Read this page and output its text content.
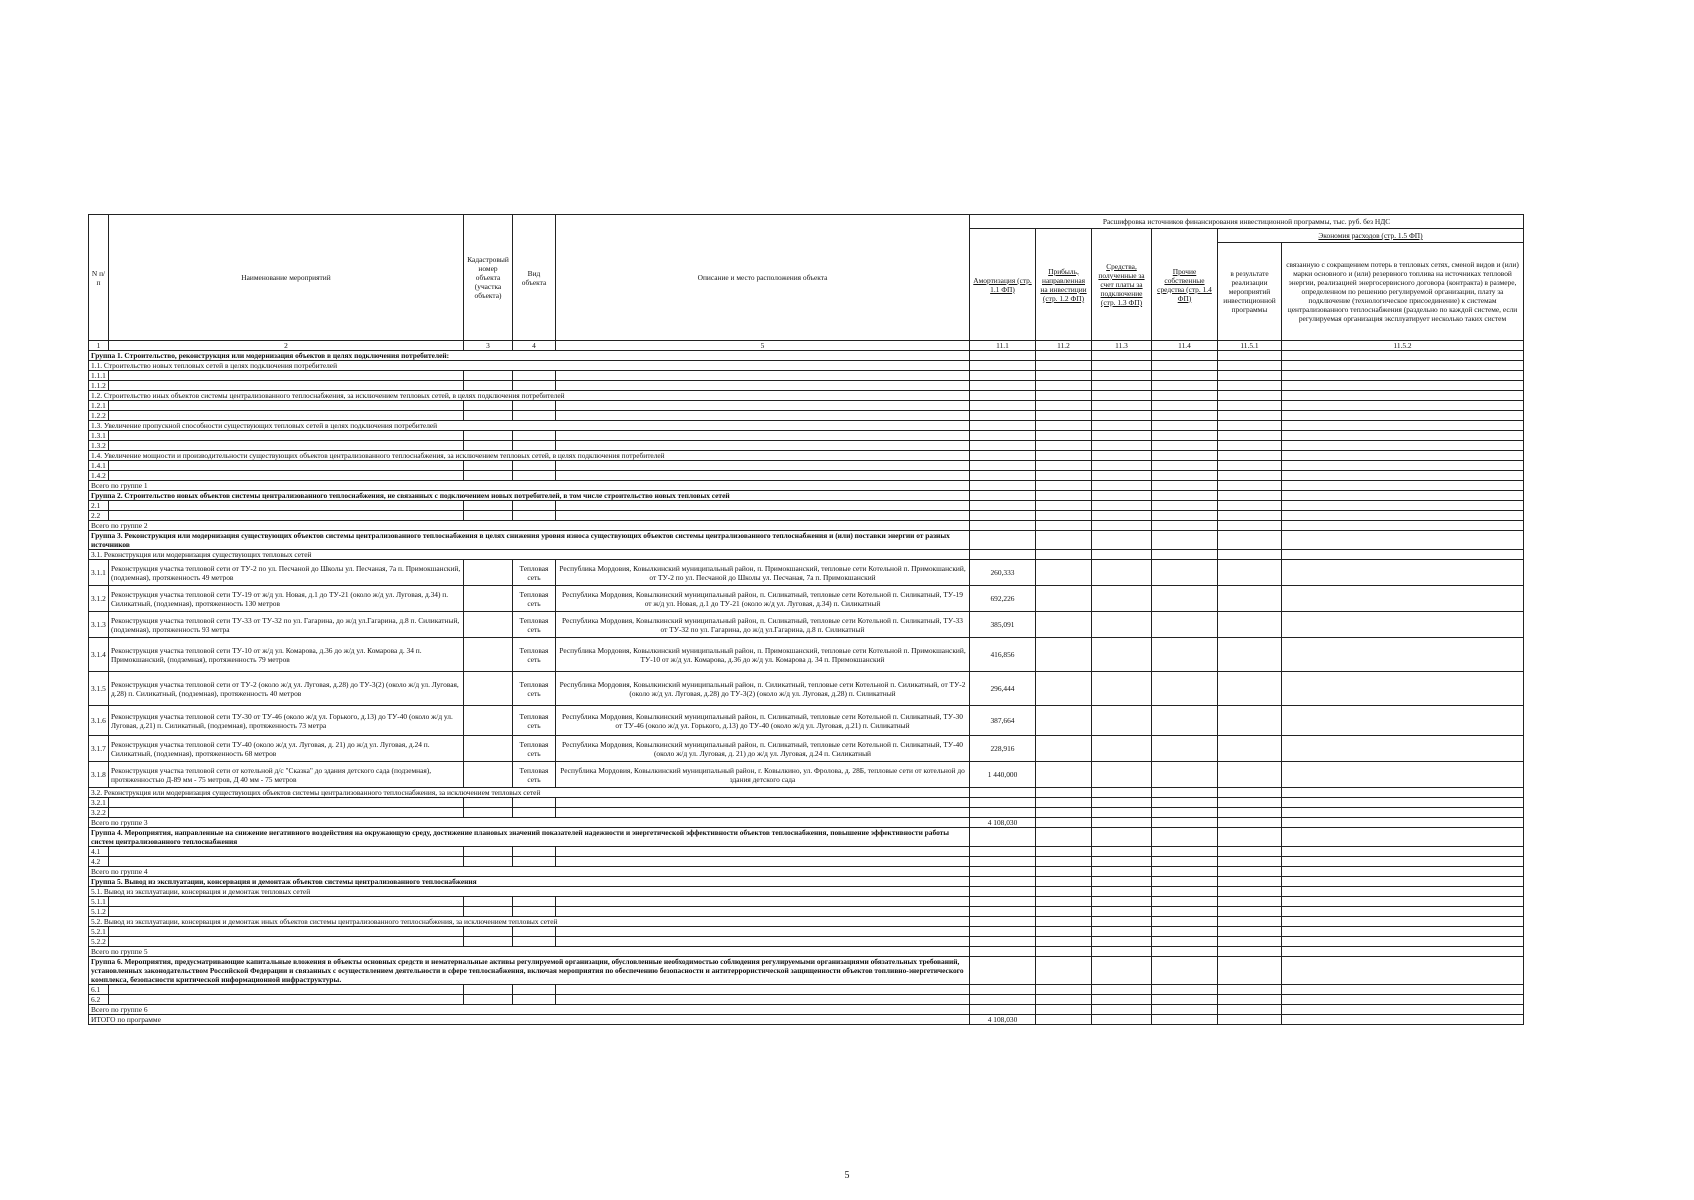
N п/п	Наименование мероприятий	Кадастровый номер объекта (участка объекта)	Вид объекта	Описание и место расположения объекта	Расшифровка источников финансирования инвестиционной программы, тыс. руб. без НДС					
					Амортизация (стр. 1.1 ФП)	Прибыль, направленная на инвестиции (стр. 1.2 ФП)	Средства, полученные за счет платы за подключение (стр. 1.3 ФП)	Прочие собственные средства (стр. 1.4 ФП)	Экономия расходов (стр. 1.5 ФП)	
									в результате реализации мероприятий инвестиционной программы	связанную с сокращением потерь в тепловых сетях, сменой видов и (или) марки основного и (или) резервного топлива на источниках тепловой энергии, реализацией энергосервисного договора (контракта) в размере, определенном по решению регулируемой организации, плату за подключение (технологическое присоединение) к системам централизованного теплоснабжения (раздельно по каждой системе, если регулируемая организация эксплуатирует несколько таких систем
1	2	3	4	5	11.1	11.2	11.3	11.4	11.5.1	11.5.2
Группа 1. Строительство, реконструкция или модернизация объектов в целях подключения потребителей:										
1.1. Строительство новых тепловых сетей в целях подключения потребителей										
1.1.1										
1.1.2										
1.2. Строительство иных объектов системы централизованного теплоснабжения, за исключением тепловых сетей, в целях подключения потребителей										
1.2.1										
1.2.2										
1.3. Увеличение пропускной способности существующих тепловых сетей в целях подключения потребителей										
1.3.1										
1.3.2										
1.4. Увеличение мощности и производительности существующих объектов централизованного теплоснабжения, за исключением тепловых сетей, в целях подключения потребителей										
1.4.1										
1.4.2										
Всего по группе 1										
Группа 2. Строительство новых объектов системы централизованного теплоснабжения, не связанных с подключением новых потребителей, в том числе строительство новых тепловых сетей										
2.1										
2.2										
Всего по группе 2										
Группа 3. Реконструкция или модернизация существующих объектов системы централизованного теплоснабжения в целях снижения уровня износа существующих объектов системы централизованного теплоснабжения и (или) поставки энергии от разных источников										
3.1. Реконструкция или модернизация существующих тепловых сетей										
3.1.1	Реконструкция участка тепловой сети от ТУ-2 по ул. Песчаной до Школы ул. Песчаная, 7а п. Примокшанский, (подземная), протяженность 49 метров		Тепловая сеть	Республика Мордовия, Ковылкинский муниципальный район, п. Примокшанский, тепловые сети Котельной п. Примокшанский, от ТУ-2 по ул. Песчаной до Школы ул. Песчаная, 7а п. Примокшанский	260,333					
3.1.2	Реконструкция участка тепловой сети ТУ-19 от ж/д ул. Новая, д.1 до ТУ-21 (около ж/д ул. Луговая, д.34) п. Силикатный, (подземная), протяженность 130 метров		Тепловая сеть	Республика Мордовия, Ковылкинский муниципальный район, п. Силикатный, тепловые сети Котельной п. Силикатный, ТУ-19 от ж/д ул. Новая, д.1 до ТУ-21 (около ж/д ул. Луговая, д.34) п. Силикатный	692,226					
3.1.3	Реконструкция участка тепловой сети ТУ-33 от ТУ-32 по ул. Гагарина, до ж/д ул.Гагарина, д.8 п. Силикатный, (подземная), протяженность 93 метра		Тепловая сеть	Республика Мордовия, Ковылкинский муниципальный район, п. Силикатный, тепловые сети Котельной п. Силикатный, ТУ-33 от ТУ-32 по ул. Гагарина, до ж/д ул.Гагарина, д.8 п. Силикатный	385,091					
3.1.4	Реконструкция участка тепловой сети ТУ-10 от ж/д ул. Комарова, д.36 до ж/д ул. Комарова д. 34 п. Примокшанский, (подземная), протяженность 79 метров		Тепловая сеть	Республика Мордовия, Ковылкинский муниципальный район, п. Примокшанский, тепловые сети Котельной п. Примокшанский, ТУ-10 от ж/д ул. Комарова, д.36 до ж/д ул. Комарова д. 34 п. Примокшанский	416,856					
3.1.5	Реконструкция участка тепловой сети от ТУ-2 (около ж/д ул. Луговая, д.28) до ТУ-3(2) (около ж/д ул. Луговая, д.28) п. Силикатный, (подземная), протяженность 40 метров		Тепловая сеть	Республика Мордовия, Ковылкинский муниципальный район, п. Силикатный, тепловые сети Котельной п. Силикатный, от ТУ-2 (около ж/д ул. Луговая, д.28) до ТУ-3(2) (около ж/д ул. Луговая, д.28) п. Силикатный	296,444					
3.1.6	Реконструкция участка тепловой сети ТУ-30 от ТУ-46 (около ж/д ул. Горького, д.13) до ТУ-40 (около ж/д ул. Луговая, д.21) п. Силикатный, (подземная), протяженность 73 метра		Тепловая сеть	Республика Мордовия, Ковылкинский муниципальный район, п. Силикатный, тепловые сети Котельной п. Силикатный, ТУ-30 от ТУ-46 (около ж/д ул. Горького, д.13) до ТУ-40 (около ж/д ул. Луговая, д.21) п. Силикатный	387,664					
3.1.7	Реконструкция участка тепловой сети ТУ-40 (около ж/д ул. Луговая, д. 21) до ж/д ул. Луговая, д.24 п. Силикатный, (подземная), протяженность 68 метров		Тепловая сеть	Республика Мордовия, Ковылкинский муниципальный район, п. Силикатный, тепловые сети Котельной п. Силикатный, ТУ-40 (около ж/д ул. Луговая, д. 21) до ж/д ул. Луговая, д.24 п. Силикатный	228,916					
3.1.8	Реконструкция участка тепловой сети от котельной д/с "Сказка" до здания детского сада (подземная), протяженностью Д-89 мм - 75 метров, Д 40 мм - 75 метров		Тепловая сеть	Республика Мордовия, Ковылкинский муниципальный район, г. Ковылкино, ул. Фролова, д. 28Б, тепловые сети от котельной до здания детского сада	1 440,000					
3.2. Реконструкция или модернизация существующих объектов системы централизованного теплоснабжения, за исключением тепловых сетей										
3.2.1										
3.2.2										
Всего по группе 3					4 108,030					
Группа 4. Мероприятия, направленные на снижение негативного воздействия на окружающую среду, достижение плановых значений показателей надежности и энергетической эффективности объектов теплоснабжения, повышение эффективности работы систем централизованного теплоснабжения										
4.1										
4.2										
Всего по группе 4										
Группа 5. Вывод из эксплуатации, консервация и демонтаж объектов системы централизованного теплоснабжения										
5.1. Вывод из эксплуатации, консервация и демонтаж тепловых сетей										
5.1.1										
5.1.2										
5.2. Вывод из эксплуатации, консервация и демонтаж иных объектов системы централизованного теплоснабжения, за исключением тепловых сетей										
5.2.1										
5.2.2										
Всего по группе 5										
Группа 6. Мероприятия, предусматривающие капитальные вложения в объекты основных средств и нематериальные активы регулируемой организации, обусловленные необходимостью соблюдения регулируемыми организациями обязательных требований, установленных законодательством Российской Федерации и связанных с осуществлением деятельности в сфере теплоснабжения, включая мероприятия по обеспечению безопасности и антитеррористической защищенности объектов топливно-энергетического комплекса, безопасности критической информационной инфраструктуры.										
6.1										
6.2										
Всего по группе 6										
ИТОГО по программе					4 108,030					
5
